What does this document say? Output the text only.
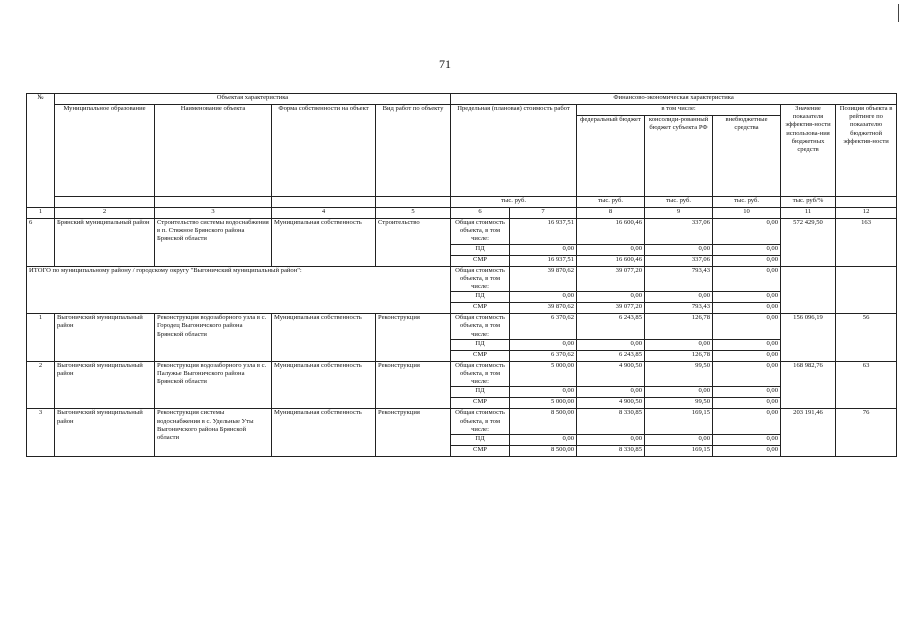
71
№	Объектая характеристика				Финансово-экономическая характеристика						
	Муниципальное образование	Наименование объекта	Форма собственности на объект	Вид работ по объекту	Предельная (плановая) стоимость работ		в том числе:			Значение показателя эффектив-ности использова-ния бюджетных средств	Позиция объекта в рейтинге по показателю бюджетной эффектив-ности
							федеральный бюджет	консолиди-рованный бюджет субъекта РФ	внебюджетные средства		
					тыс. руб.		тыс. руб.	тыс. руб.	тыс. руб.	тыс. руб/%	
1	2	3	4	5	6	7	8	9	10	11	12
6	Брянский муниципальный район	Строительство системы водоснабжения в п. Стяжное Брянского района Брянской области	Муниципальная собственность	Строительство	Общая стоимость объекта, в том числе:	16 937,51	16 600,46	337,06	0,00	572 429,50	163
					ПД	0,00	0,00	0,00	0,00		
					СМР	16 937,51	16 600,46	337,06	0,00		
ИТОГО по муниципальному району / городскому округу "Выгоничский муниципальный район":					Общая стоимость объекта, в том числе:	39 870,62	39 077,20	793,43	0,00		
					ПД	0,00	0,00	0,00	0,00		
					СМР	39 870,62	39 077,20	793,43	0,00		
1	Выгоничский муниципальный район	Реконструкция водозаборного узла в с. Городец Выгоничского района Брянской области	Муниципальная собственность	Реконструкция	Общая стоимость объекта, в том числе:	6 370,62	6 243,85	126,78	0,00	156 096,19	56
					ПД	0,00	0,00	0,00	0,00		
					СМР	6 370,62	6 243,85	126,78	0,00		
2	Выгоничский муниципальный район	Реконструкция водозаборного узла в с. Палужье Выгоничского района Брянской области	Муниципальная собственность	Реконструкция	Общая стоимость объекта, в том числе:	5 000,00	4 900,50	99,50	0,00	168 982,76	63
					ПД	0,00	0,00	0,00	0,00		
					СМР	5 000,00	4 900,50	99,50	0,00		
3	Выгоничский муниципальный район	Реконструкция системы водоснабжения в с. Удельные Уты Выгоничского района Брянской области	Муниципальная собственность	Реконструкция	Общая стоимость объекта, в том числе:	8 500,00	8 330,85	169,15	0,00	203 191,46	76
					ПД	0,00	0,00	0,00	0,00		
					СМР	8 500,00	8 330,85	169,15	0,00		
